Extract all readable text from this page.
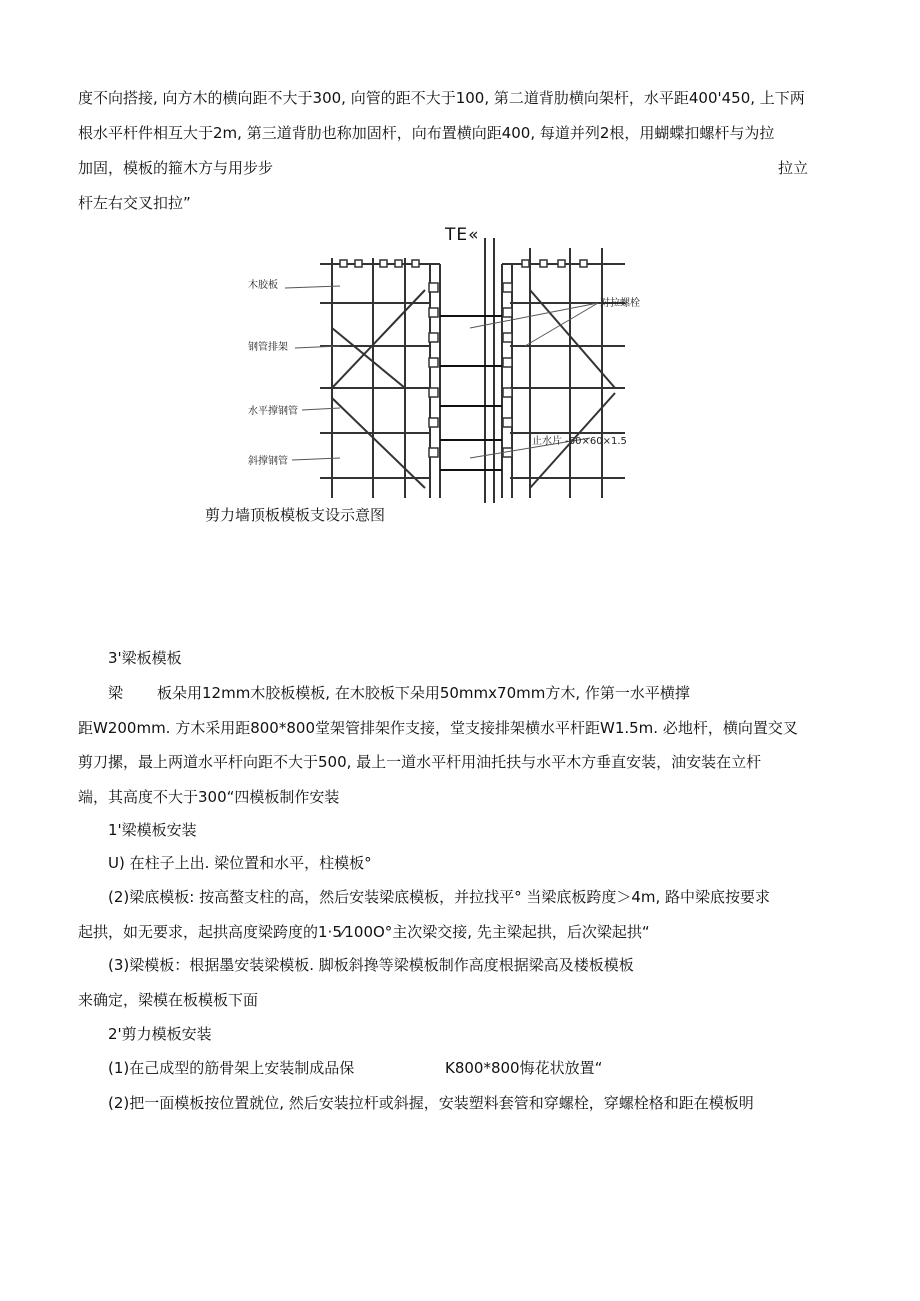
度不向搭接, 向方木的横向距不大于300, 向管的距不大于100, 第二道背肋横向架杆，水平距400'450, 上下两
根水平杆件相互大于2m, 第三道背肋也称加固杆，向布置横向距400, 每道并列2根，用蝴蝶扣螺杆与为拉
加固，模板的箍木方与用步步	拉立
杆左右交叉扣拉”
TE«
木胶板
钢管排架
水平撑钢管
斜撑钢管
对拉螺栓
止水片 -60×60×1.5
剪力墙顶板模板支设示意图
3'梁板模板
梁 板朵用12mm木胶板模板, 在木胶板下朵用50mmx70mm方木, 作第一水平横撑
距W200mm. 方木采用距800*800堂架管排架作支接，堂支接排架横水平杆距W1.5m. 必地杆，横向置交叉
剪刀摞，最上两道水平杆向距不大于500, 最上一道水平杆用油托扶与水平木方垂直安装，油安装在立杆
端，其高度不大于300“四模板制作安装
1'梁模板安装
U) 在柱子上出. 梁位置和水平，柱模板°
(2)梁底模板: 按高螯支柱的高，然后安装梁底模板，并拉找平° 当梁底板跨度＞4m, 路中梁底按要求
起拱，如无要求，起拱高度梁跨度的1·5⁄100O°主次梁交接, 先主梁起拱，后次梁起拱“
(3)梁模板：根据墨安装梁模板. 脚板斜搀等梁模板制作高度根据梁高及楼板模板
来确定，梁模在板模板下面
2'剪力模板安装
(1)在己成型的筋骨架上安装制成品保	K800*800悔花状放置“
(2)把一面模板按位置就位, 然后安装拉杆或斜握，安装塑料套管和穿螺栓，穿螺栓格和距在模板明
